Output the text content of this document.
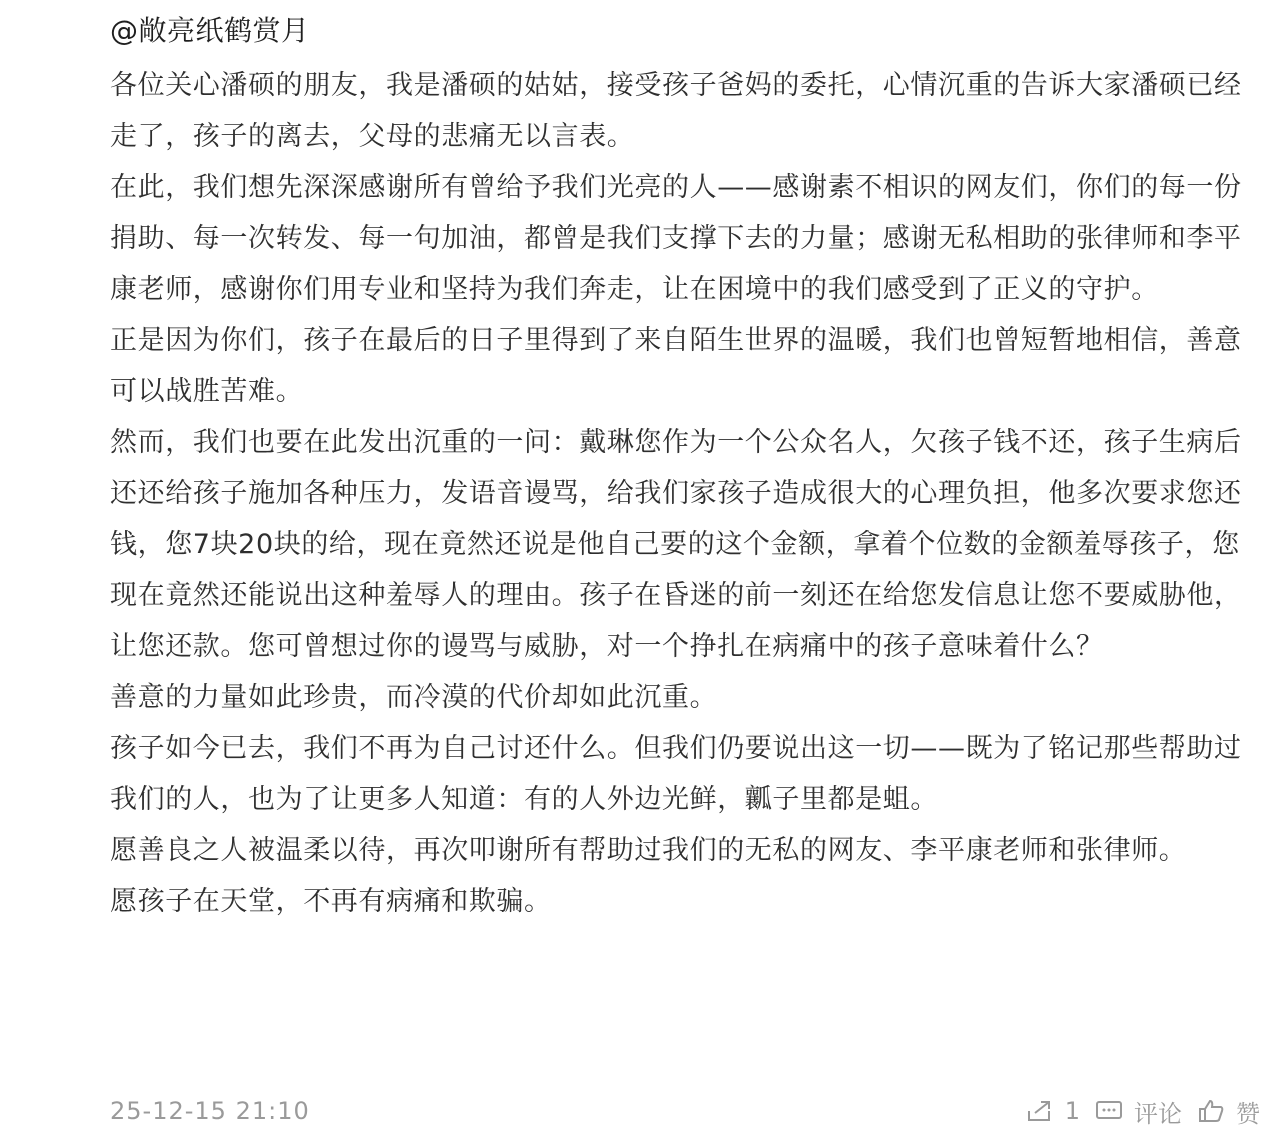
@敞亮纸鹤赏月

各位关心潘硕的朋友，我是潘硕的姑姑，接受孩子爸妈的委托，心情沉重的告诉大家潘硕已经走了，孩子的离去，父母的悲痛无以言表。

在此，我们想先深深感谢所有曾给予我们光亮的人——感谢素不相识的网友们，你们的每一份捐助、每一次转发、每一句加油，都曾是我们支撑下去的力量；感谢无私相助的张律师和李平康老师，感谢你们用专业和坚持为我们奔走，让在困境中的我们感受到了正义的守护。

正是因为你们，孩子在最后的日子里得到了来自陌生世界的温暖，我们也曾短暂地相信，善意可以战胜苦难。

然而，我们也要在此发出沉重的一问：戴琳您作为一个公众名人，欠孩子钱不还，孩子生病后还还给孩子施加各种压力，发语音谩骂，给我们家孩子造成很大的心理负担，他多次要求您还钱，您7块20块的给，现在竟然还说是他自己要的这个金额，拿着个位数的金额羞辱孩子，您现在竟然还能说出这种羞辱人的理由。孩子在昏迷的前一刻还在给您发信息让您不要威胁他，让您还款。您可曾想过你的谩骂与威胁，对一个挣扎在病痛中的孩子意味着什么？

善意的力量如此珍贵，而冷漠的代价却如此沉重。

孩子如今已去，我们不再为自己讨还什么。但我们仍要说出这一切——既为了铭记那些帮助过我们的人，也为了让更多人知道：有的人外边光鲜，瓤子里都是蛆。

愿善良之人被温柔以待，再次叩谢所有帮助过我们的无私的网友、李平康老师和张律师。

愿孩子在天堂，不再有病痛和欺骗。

25-12-15 21:10	1 评论 赞
